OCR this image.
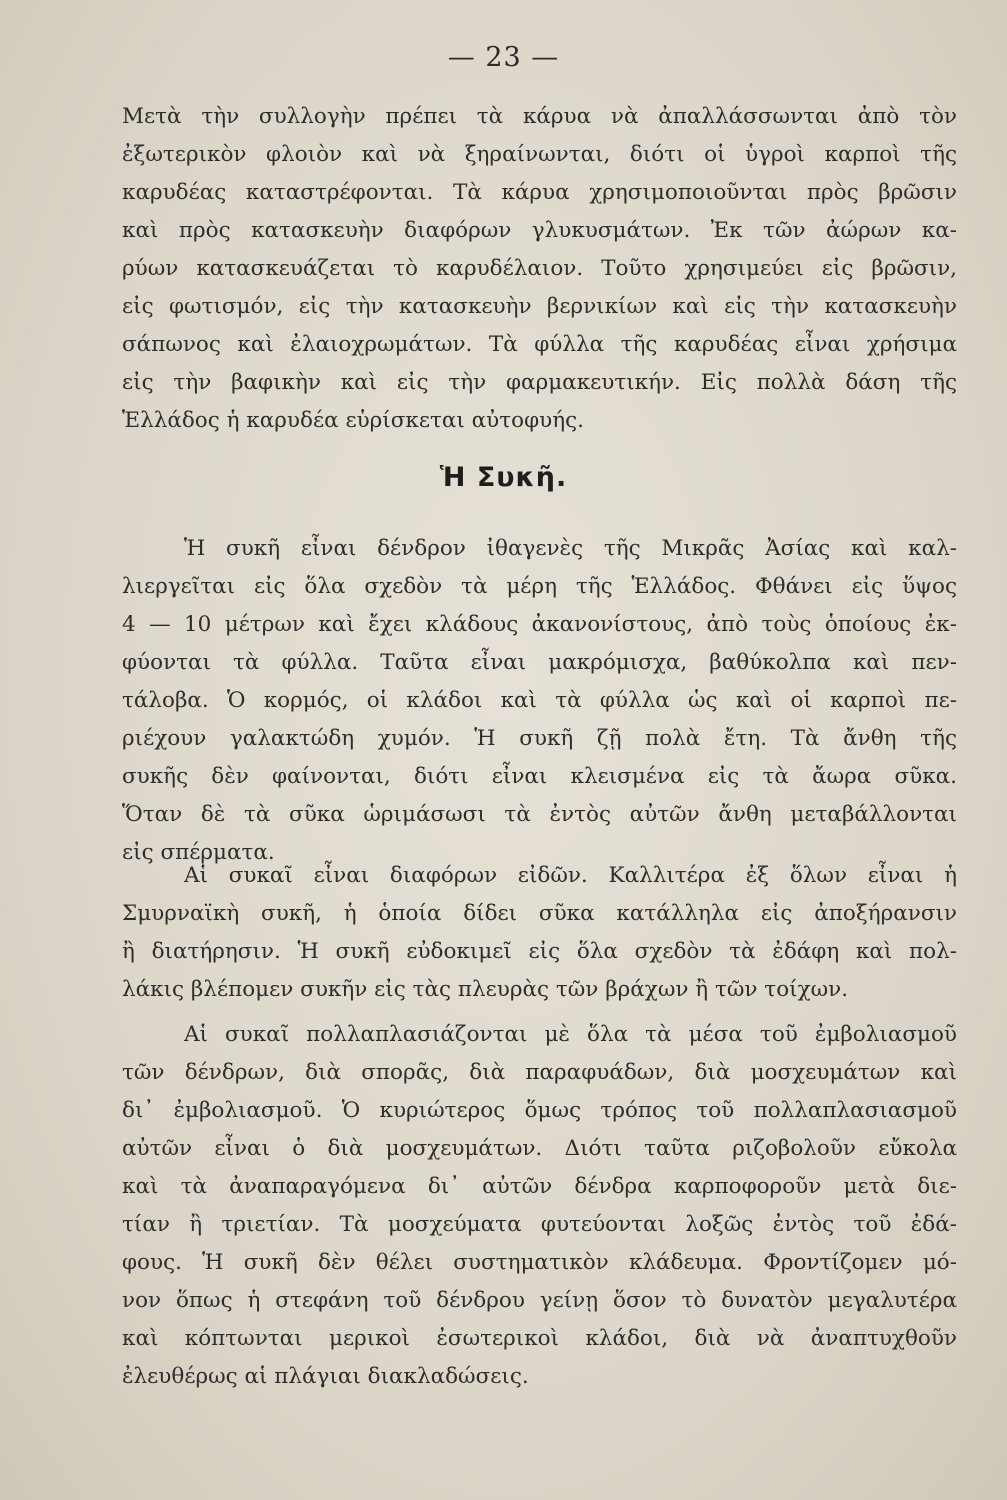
— 23 —
Μετὰ τὴν συλλογὴν πρέπει τὰ κάρυα νὰ ἀπαλλάσσωνται ἀπὸ τὸν
ἐξωτερικὸν φλοιὸν καὶ νὰ ξηραίνωνται, διότι οἱ ὑγροὶ καρποὶ τῆς
καρυδέας καταστρέφονται. Τὰ κάρυα χρησιμοποιοῦνται πρὸς βρῶσιν
καὶ πρὸς κατασκευὴν διαφόρων γλυκυσμάτων. Ἐκ τῶν ἀώρων κα-
ρύων κατασκευάζεται τὸ καρυδέλαιον. Τοῦτο χρησιμεύει εἰς βρῶσιν,
εἰς φωτισμόν, εἰς τὴν κατασκευὴν βερνικίων καὶ εἰς τὴν κατασκευὴν
σάπωνος καὶ ἐλαιοχρωμάτων. Τὰ φύλλα τῆς καρυδέας εἶναι χρήσιμα
εἰς τὴν βαφικὴν καὶ εἰς τὴν φαρμακευτικήν. Εἰς πολλὰ δάση τῆς
Ἑλλάδος ἡ καρυδέα εὑρίσκεται αὐτοφυής.
Ἡ Συκῆ.
Ἡ συκῆ εἶναι δένδρον ἰθαγενὲς τῆς Μικρᾶς Ἀσίας καὶ καλ-
λιεργεῖται εἰς ὅλα σχεδὸν τὰ μέρη τῆς Ἑλλάδος. Φθάνει εἰς ὕψος
4 — 10 μέτρων καὶ ἔχει κλάδους ἀκανονίστους, ἀπὸ τοὺς ὁποίους ἐκ-
φύονται τὰ φύλλα. Ταῦτα εἶναι μακρόμισχα, βαθύκολπα καὶ πεν-
τάλοβα. Ὁ κορμός, οἱ κλάδοι καὶ τὰ φύλλα ὡς καὶ οἱ καρποὶ πε-
ριέχουν γαλακτώδη χυμόν. Ἡ συκῆ ζῇ πολὰ ἔτη. Τὰ ἄνθη τῆς
συκῆς δὲν φαίνονται, διότι εἶναι κλεισμένα εἰς τὰ ἄωρα σῦκα.
Ὅταν δὲ τὰ σῦκα ὡριμάσωσι τὰ ἐντὸς αὐτῶν ἄνθη μεταβάλλονται
εἰς σπέρματα.
Αἱ συκαῖ εἶναι διαφόρων εἰδῶν. Καλλιτέρα ἐξ ὅλων εἶναι ἡ
Σμυρναϊκὴ συκῆ, ἡ ὁποία δίδει σῦκα κατάλληλα εἰς ἀποξήρανσιν
ἢ διατήρησιν. Ἡ συκῆ εὐδοκιμεῖ εἰς ὅλα σχεδὸν τὰ ἐδάφη καὶ πολ-
λάκις βλέπομεν συκῆν εἰς τὰς πλευρὰς τῶν βράχων ἢ τῶν τοίχων.
Αἱ συκαῖ πολλαπλασιάζονται μὲ ὅλα τὰ μέσα τοῦ ἐμβολιασμοῦ
τῶν δένδρων, διὰ σπορᾶς, διὰ παραφυάδων, διὰ μοσχευμάτων καὶ
δι᾽ ἐμβολιασμοῦ. Ὁ κυριώτερος ὅμως τρόπος τοῦ πολλαπλασιασμοῦ
αὐτῶν εἶναι ὁ διὰ μοσχευμάτων. Διότι ταῦτα ριζοβολοῦν εὔκολα
καὶ τὰ ἀναπαραγόμενα δι᾽ αὐτῶν δένδρα καρποφοροῦν μετὰ διε-
τίαν ἢ τριετίαν. Τὰ μοσχεύματα φυτεύονται λοξῶς ἐντὸς τοῦ ἐδά-
φους. Ἡ συκῆ δὲν θέλει συστηματικὸν κλάδευμα. Φροντίζομεν μό-
νον ὅπως ἡ στεφάνη τοῦ δένδρου γείνῃ ὅσον τὸ δυνατὸν μεγαλυτέρα
καὶ κόπτωνται μερικοὶ ἐσωτερικοὶ κλάδοι, διὰ νὰ ἀναπτυχθοῦν
ἐλευθέρως αἱ πλάγιαι διακλαδώσεις.
